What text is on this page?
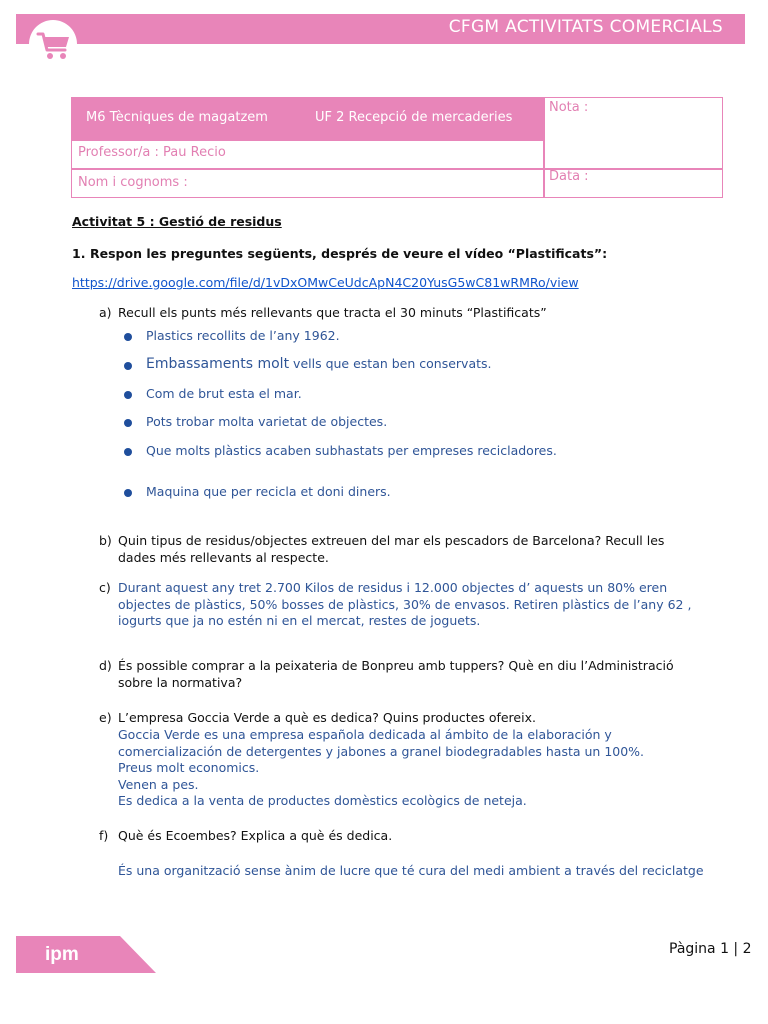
CFGM ACTIVITATS COMERCIALS
M6 Tècniques de magatzem	UF 2 Recepció de mercaderies
Professor/a : Pau Recio
Nom i cognoms :
Nota :
Data :
Activitat 5 : Gestió de residus
1. Respon les preguntes següents, després de veure el vídeo “Plastificats”:
https://drive.google.com/file/d/1vDxOMwCeUdcApN4C20YusG5wC81wRMRo/view
a) Recull els punts més rellevants que tracta el 30 minuts “Plastificats”
Plastics recollits de l’any 1962.
Embassaments molt vells que estan ben conservats.
Com de brut esta el mar.
Pots trobar molta varietat de objectes.
Que molts plàstics acaben subhastats per empreses recicladores.
Maquina que per recicla et doni diners.
b) Quin tipus de residus/objectes extreuen del mar els pescadors de Barcelona? Recull les
dades més rellevants al respecte.
c) Durant aquest any tret 2.700 Kilos de residus i 12.000 objectes d’ aquests un 80% eren
objectes de plàstics, 50% bosses de plàstics, 30% de envasos. Retiren plàstics de l’any 62 ,
iogurts que ja no estén ni en el mercat, restes de joguets.
d) És possible comprar a la peixateria de Bonpreu amb tuppers? Què en diu l’Administració
sobre la normativa?
e) L’empresa Goccia Verde a què es dedica? Quins productes ofereix.
Goccia Verde es una empresa española dedicada al ámbito de la elaboración y
comercialización de detergentes y jabones a granel biodegradables hasta un 100%.
Preus molt economics.
Venen a pes.
Es dedica a la venta de productes domèstics ecològics de neteja.
f) Què és Ecoembes? Explica a què és dedica.
És una organització sense ànim de lucre que té cura del medi ambient a través del reciclatge
ipm	Pàgina 1 | 2
